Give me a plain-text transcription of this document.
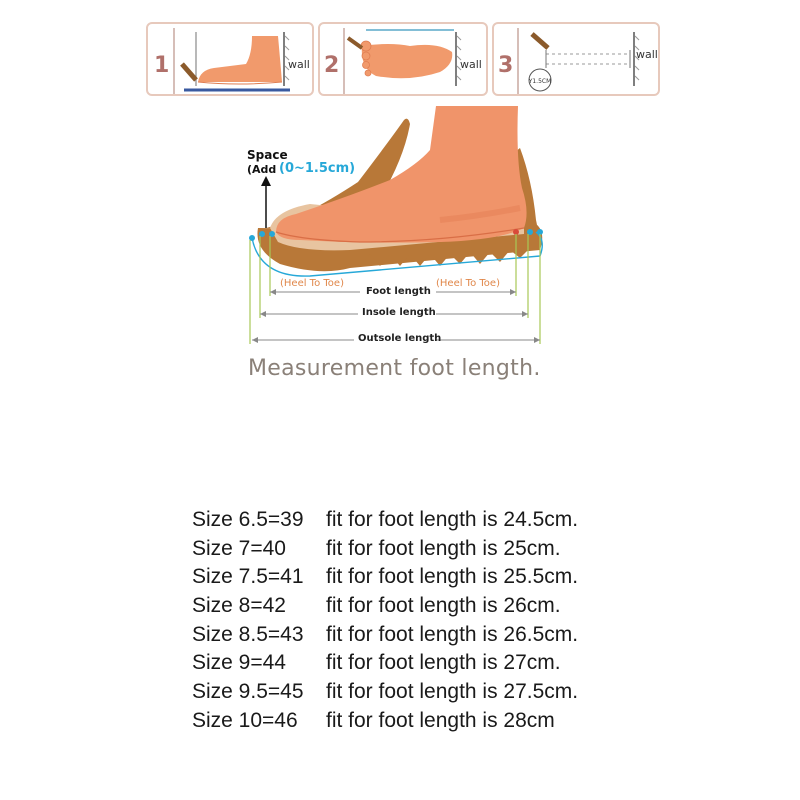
1	wall 2	wall 3
Y1.5CM
wall
Space
(Add (0~1.5cm)
(Heel To Toe)	(Heel To Toe)
Foot length
Insole length
Outsole length
Measurement foot length.
Size 6.5=39 fit for foot length is 24.5cm.
Size 7=40 fit for foot length is 25cm.
Size 7.5=41 fit for foot length is 25.5cm.
Size 8=42 fit for foot length is 26cm.
Size 8.5=43 fit for foot length is 26.5cm.
Size 9=44 fit for foot length is 27cm.
Size 9.5=45 fit for foot length is 27.5cm.
Size 10=46 fit for foot length is 28cm
